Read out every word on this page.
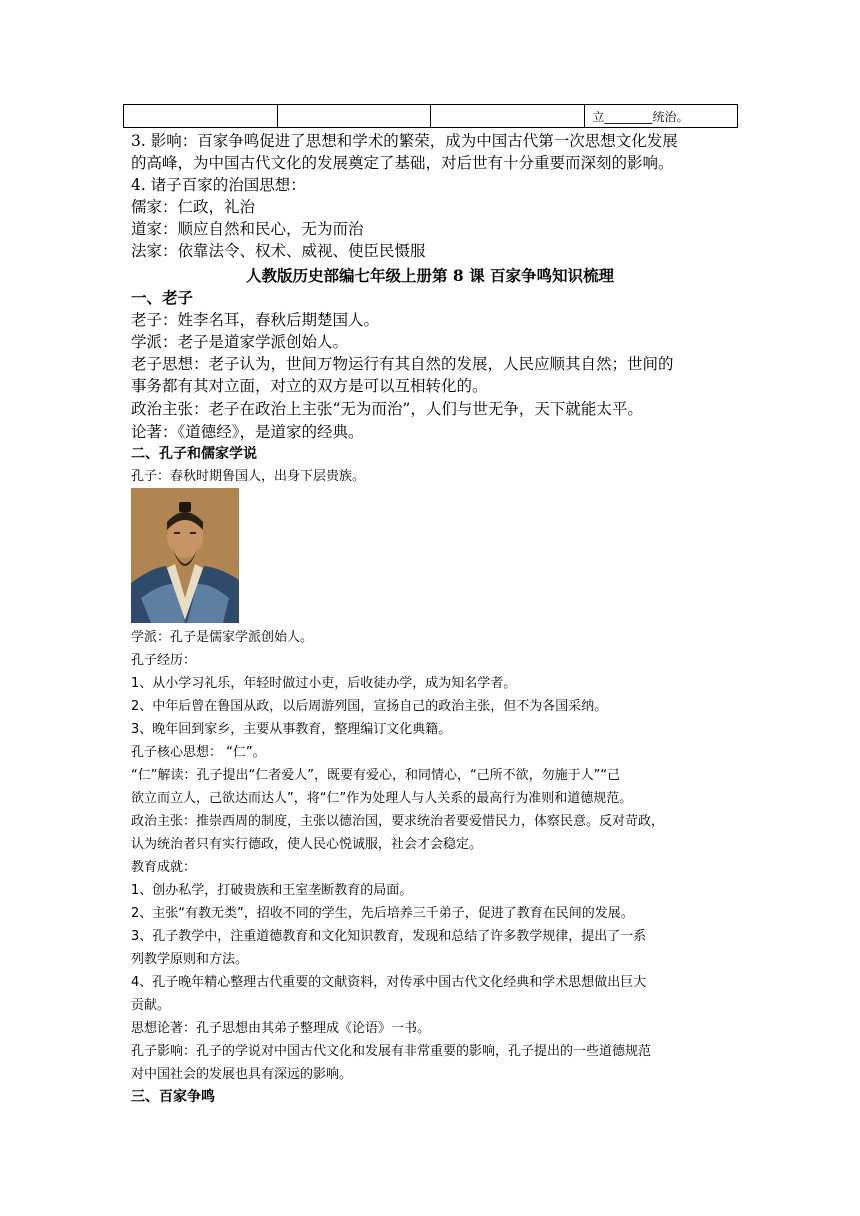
			立________统治。
3. 影响：百家争鸣促进了思想和学术的繁荣，成为中国古代第一次思想文化发展
的高峰，为中国古代文化的发展奠定了基础，对后世有十分重要而深刻的影响。
4. 诸子百家的治国思想：
儒家：仁政，礼治
道家：顺应自然和民心，无为而治
法家：依靠法令、权术、威视、使臣民慑服
人教版历史部编七年级上册第 8 课 百家争鸣知识梳理
一、老子
老子：姓李名耳，春秋后期楚国人。
学派：老子是道家学派创始人。
老子思想：老子认为，世间万物运行有其自然的发展，人民应顺其自然；世间的
事务都有其对立面，对立的双方是可以互相转化的。
政治主张：老子在政治上主张“无为而治”，人们与世无争，天下就能太平。
论著：《道德经》，是道家的经典。
二、孔子和儒家学说
孔子：春秋时期鲁国人，出身下层贵族。
学派：孔子是儒家学派创始人。
孔子经历：
1、从小学习礼乐，年轻时做过小吏，后收徒办学，成为知名学者。
2、中年后曾在鲁国从政，以后周游列国，宣扬自己的政治主张，但不为各国采纳。
3、晚年回到家乡，主要从事教育，整理编订文化典籍。
孔子核心思想： “仁”。
“仁”解读：孔子提出“仁者爱人”，既要有爱心，和同情心，“己所不欲，勿施于人”“己
欲立而立人，己欲达而达人”，将“仁”作为处理人与人关系的最高行为准则和道德规范。
政治主张：推崇西周的制度，主张以德治国，要求统治者要爱惜民力，体察民意。反对苛政，
认为统治者只有实行德政，使人民心悦诚服，社会才会稳定。
教育成就：
1、创办私学，打破贵族和王室垄断教育的局面。
2、主张“有教无类”，招收不同的学生，先后培养三千弟子，促进了教育在民间的发展。
3、孔子教学中，注重道德教育和文化知识教育，发现和总结了许多教学规律，提出了一系
列教学原则和方法。
4、孔子晚年精心整理古代重要的文献资料，对传承中国古代文化经典和学术思想做出巨大
贡献。
思想论著：孔子思想由其弟子整理成《论语》一书。
孔子影响：孔子的学说对中国古代文化和发展有非常重要的影响，孔子提出的一些道德规范
对中国社会的发展也具有深远的影响。
三、百家争鸣
